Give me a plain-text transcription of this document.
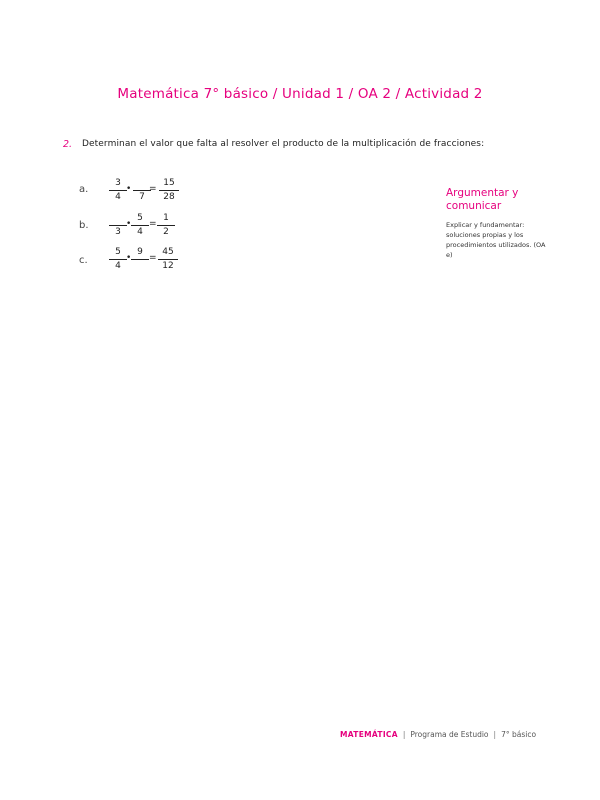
Matemática 7° básico / Unidad 1 / OA 2 / Actividad 2
2. Determinan el valor que falta al resolver el producto de la multiplicación de fracciones:
a.
3
4
•
7
=
15
28
b.
3
•
5
4
=
1
2
c.
5
4
•
9
=
45
12
Argumentar y comunicar
Explicar y fundamentar: soluciones propias y los procedimientos utilizados. (OA e)
MATEMÁTICA | Programa de Estudio | 7° básico
